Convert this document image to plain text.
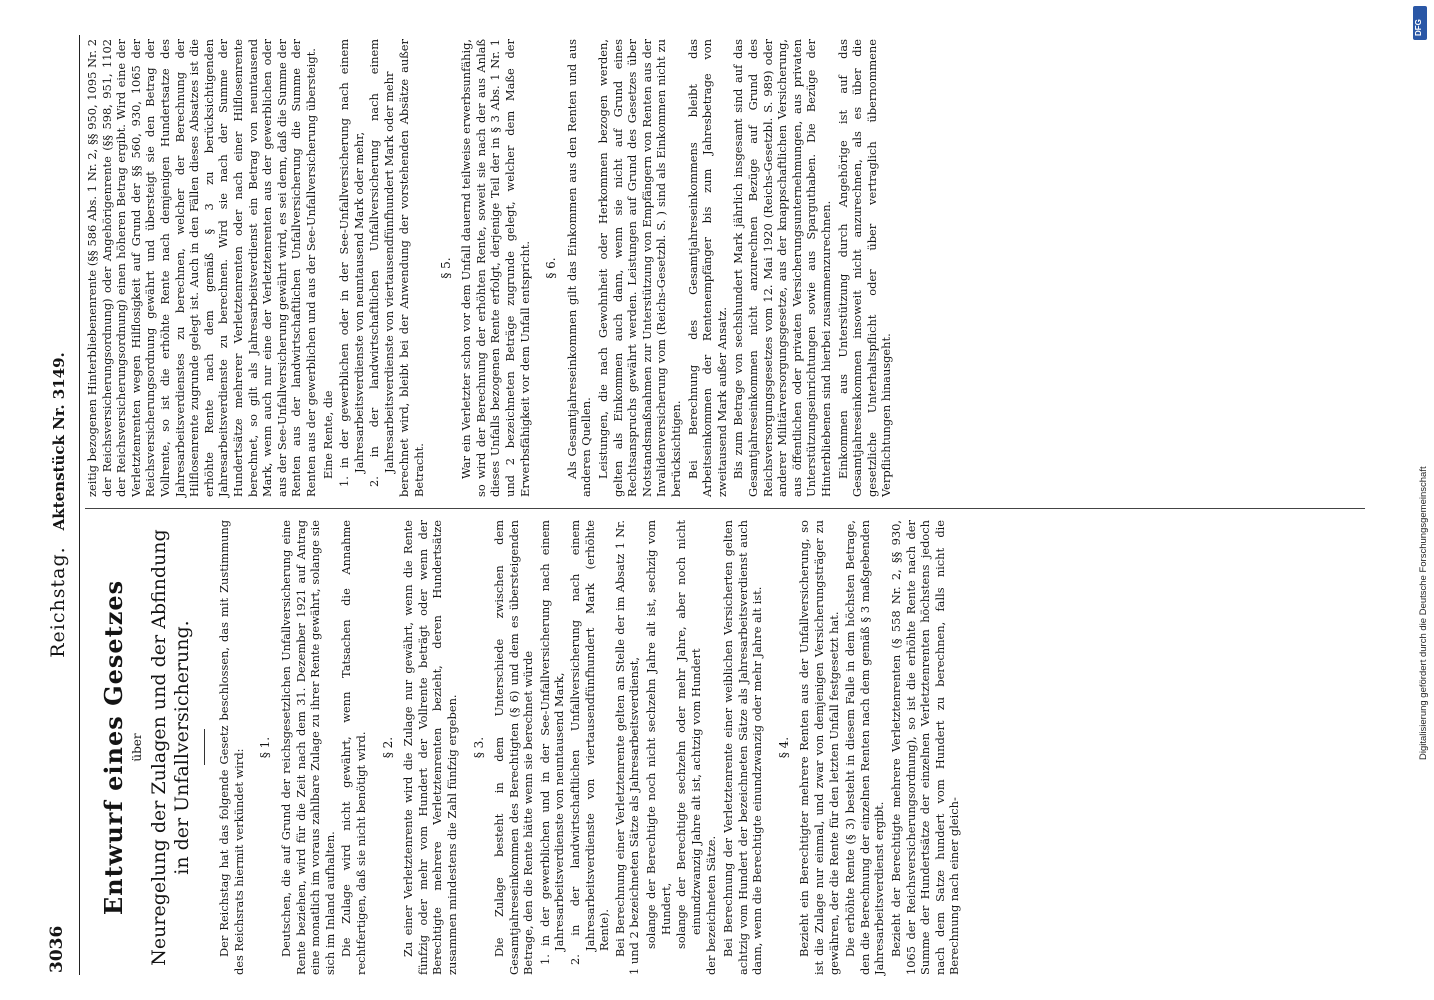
3036
Reichstag.Aktenstück Nr. 3149.
Entwurf eines Gesetzes über Neuregelung der Zulagen und der Abfindung in der Unfallversicherung. Der Reichstag hat das folgende Gesetz beschlossen, das mit Zustimmung des Reichsrats hiermit verkündet wird:

§ 1. Deutschen, die auf Grund der reichsgesetzlichen Unfallversicherung eine Rente beziehen, wird für die Zeit nach dem 31. Dezember 1921 auf Antrag eine monatlich im voraus zahlbare Zulage zu ihrer Rente gewährt, solange sie sich im Inland aufhalten. Die Zulage wird nicht gewährt, wenn Tatsachen die Annahme rechtfertigen, daß sie nicht benötigt wird. § 2. Zu einer Verletztenrente wird die Zulage nur gewährt, wenn die Rente fünfzig oder mehr vom Hundert der Vollrente beträgt oder wenn der Berechtigte mehrere Verletztenrenten bezieht, deren Hundertsätze zusammen mindestens die Zahl fünfzig ergeben. § 3. Die Zulage besteht in dem Unterschiede zwischen dem Gesamtjahreseinkommen des Berechtigten (§ 6) und dem es übersteigenden Betrage, den die Rente hätte wenn sie berechnet würde 1. in der gewerblichen und in der See-Unfallversicherung nach einem Jahresarbeitsverdienste von neuntausend Mark, 2. in der landwirtschaftlichen Unfallversicherung nach einem Jahresarbeitsverdienste von viertausendfünfhundert Mark (erhöhte Rente). Bei Berechnung einer Verletztenrente gelten an Stelle der im Absatz 1 Nr. 1 und 2 bezeichneten Sätze als Jahresarbeitsverdienst, solange der Berechtigte noch nicht sechzehn Jahre alt ist, sechzig vom Hundert, solange der Berechtigte sechzehn oder mehr Jahre, aber noch nicht einundzwanzig Jahre alt ist, achtzig vom Hundert der bezeichneten Sätze. Bei Berechnung der Verletztenrente einer weiblichen Versicherten gelten achtzig vom Hundert der bezeichneten Sätze als Jahresarbeitsverdienst auch dann, wenn die Berechtigte einundzwanzig oder mehr Jahre alt ist. § 4. Bezieht ein Berechtigter mehrere Renten aus der Unfallversicherung, so ist die Zulage nur einmal, und zwar von demjenigen Versicherungsträger zu gewähren, der die Rente für den letzten Unfall festgesetzt hat. Die erhöhte Rente (§ 3) besteht in diesem Falle in dem höchsten Betrage, den die Berechnung der einzelnen Renten nach dem gemäß § 3 maßgebenden Jahresarbeitsverdienst ergibt. Bezieht der Berechtigte mehrere Verletztenrenten (§ 558 Nr. 2, §§ 930, 1065 der Reichsversicherungsordnung), so ist die erhöhte Rente nach der Summe der Hundertsätze der einzelnen Verletztenrenten höchstens jedoch nach dem Satze hundert vom Hundert zu berechnen, falls nicht die Berechnung nach einer gleich-

zeitig bezogenen Hinterbliebenenrente (§§ 586 Abs. 1 Nr. 2, §§ 950, 1095 Nr. 2 der Reichsversicherungsordnung) oder Angehörigenrente (§§ 598, 951, 1102 der Reichsversicherungsordnung) einen höheren Betrag ergibt. Wird eine der Verletztenrenten wegen Hilflosigkeit auf Grund der §§ 560, 930, 1065 der Reichsversicherungsordnung gewährt und übersteigt sie den Betrag der Vollrente, so ist die erhöhte Rente nach demjenigen Hundertsatze des Jahresarbeitsverdienstes zu berechnen, welcher der Berechnung der Hilflosenrente zugrunde gelegt ist. Auch in den Fällen dieses Absatzes ist die erhöhte Rente nach dem gemäß § 3 zu berücksichtigenden Jahresarbeitsverdienste zu berechnen. Wird sie nach der Summe der Hundertsätze mehrerer Verletztenrenten oder nach einer Hilflosenrente berechnet, so gilt als Jahresarbeitsverdienst ein Betrag von neuntausend Mark, wenn auch nur eine der Verletztenrenten aus der gewerblichen oder aus der See-Unfallversicherung gewährt wird, es sei denn, daß die Summe der Renten aus der landwirtschaftlichen Unfallversicherung die Summe der Renten aus der gewerblichen und aus der See-Unfallversicherung übersteigt. Eine Rente, die 1. in der gewerblichen oder in der See-Unfallversicherung nach einem Jahresarbeitsverdienste von neuntausend Mark oder mehr, 2. in der landwirtschaftlichen Unfallversicherung nach einem Jahresarbeitsverdienste von viertausendfünfhundert Mark oder mehr berechnet wird, bleibt bei der Anwendung der vorstehenden Absätze außer Betracht.

§ 5. War ein Verletzter schon vor dem Unfall dauernd teilweise erwerbsunfähig, so wird der Berechnung der erhöhten Rente, soweit sie nach der aus Anlaß dieses Unfalls bezogenen Rente erfolgt, derjenige Teil der in § 3 Abs. 1 Nr. 1 und 2 bezeichneten Beträge zugrunde gelegt, welcher dem Maße der Erwerbsfähigkeit vor dem Unfall entspricht. § 6. Als Gesamtjahreseinkommen gilt das Einkommen aus den Renten und aus anderen Quellen. Leistungen, die nach Gewohnheit oder Herkommen bezogen werden, gelten als Einkommen auch dann, wenn sie nicht auf Grund eines Rechtsanspruchs gewährt werden. Leistungen auf Grund des Gesetzes über Notstandsmaßnahmen zur Unterstützung von Empfängern von Renten aus der Invalidenversicherung vom (Reichs-Gesetzbl. S. ) sind als Einkommen nicht zu berücksichtigen. Bei Berechnung des Gesamtjahreseinkommens bleibt das Arbeitseinkommen der Rentenempfänger bis zum Jahresbetrage von zweitausend Mark außer Ansatz. Bis zum Betrage von sechshundert Mark jährlich insgesamt sind auf das Gesamtjahreseinkommen nicht anzurechnen Bezüge auf Grund des Reichsversorgungsgesetzes vom 12. Mai 1920 (Reichs-Gesetzbl. S. 989) oder anderer Militärversorgungsgesetze, aus der knappschaftlichen Versicherung, aus öffentlichen oder privaten Versicherungsunternehmungen, aus privaten Unterstützungseinrichtungen sowie aus Sparguthaben. Die Bezüge der Hinterbliebenen sind hierbei zusammenzurechnen. Einkommen aus Unterstützung durch Angehörige ist auf das Gesamtjahreseinkommen insoweit nicht anzurechnen, als es über die gesetzliche Unterhaltspflicht oder über vertraglich übernommene Verpflichtungen hinausgeht.

DFG
Digitalisierung gefördert durch die Deutsche Forschungsgemeinschaft
